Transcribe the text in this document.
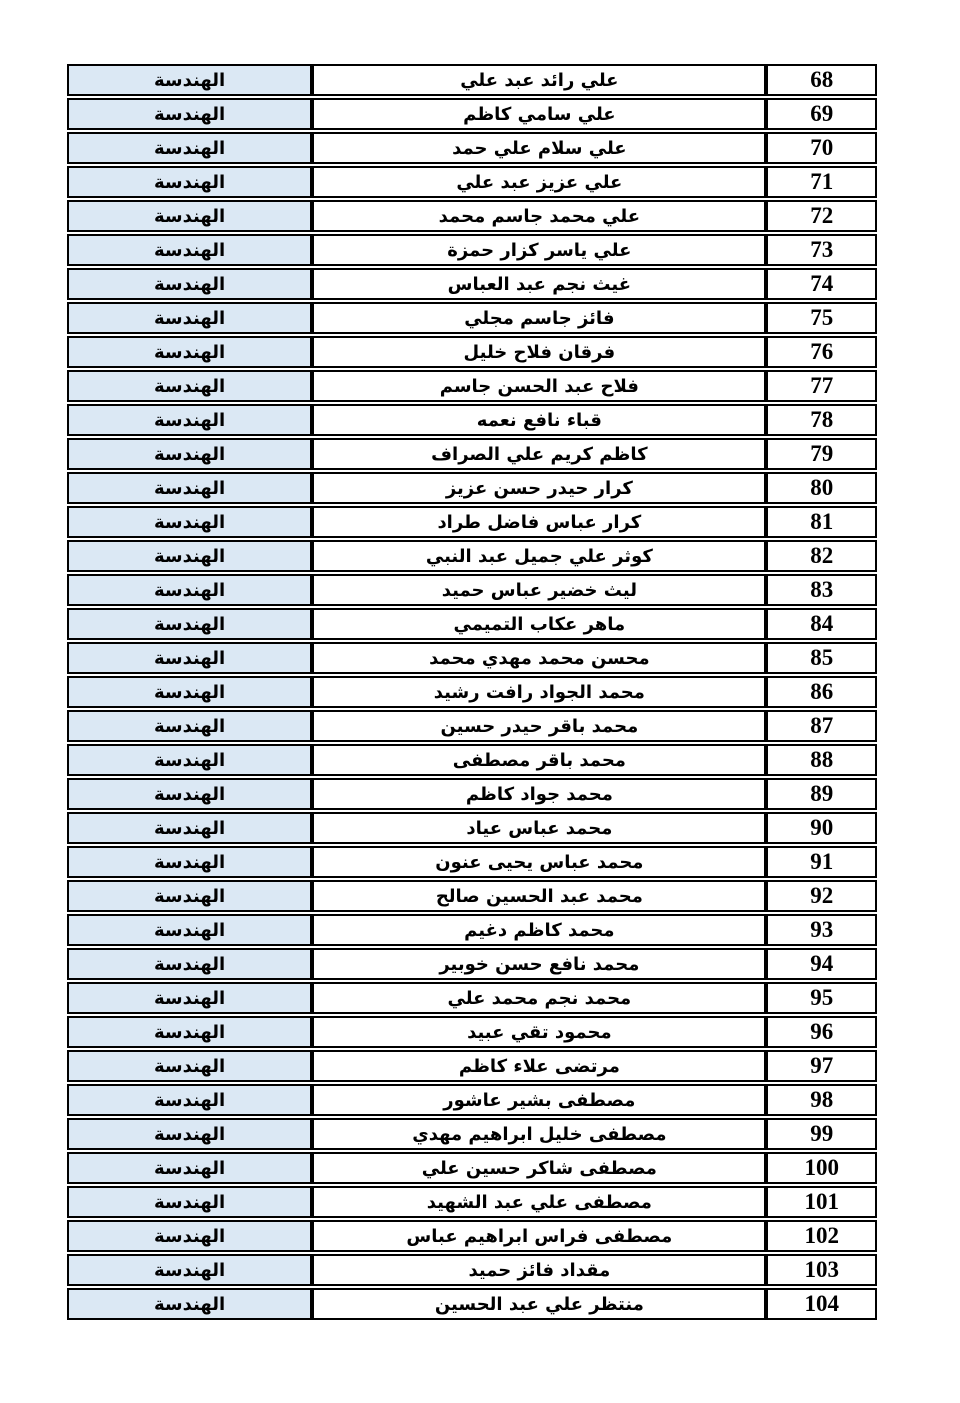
68	علي رائد عبد علي	الهندسة
69	علي سامي كاظم	الهندسة
70	علي سلام علي حمد	الهندسة
71	علي عزيز عبد علي	الهندسة
72	علي محمد جاسم محمد	الهندسة
73	علي ياسر كزار حمزة	الهندسة
74	غيث نجم عبد العباس	الهندسة
75	فائز جاسم مجلي	الهندسة
76	فرقان فلاح خليل	الهندسة
77	فلاح عبد الحسن جاسم	الهندسة
78	قباء نافع نعمه	الهندسة
79	كاظم كريم علي الصراف	الهندسة
80	كرار حيدر حسن عزيز	الهندسة
81	كرار عباس فاضل طراد	الهندسة
82	كوثر علي جميل عبد النبي	الهندسة
83	ليث خضير عباس حميد	الهندسة
84	ماهر عكاب التميمي	الهندسة
85	محسن محمد مهدي محمد	الهندسة
86	محمد الجواد رافت رشيد	الهندسة
87	محمد باقر حيدر حسين	الهندسة
88	محمد باقر مصطفى	الهندسة
89	محمد جواد كاظم	الهندسة
90	محمد عباس عياد	الهندسة
91	محمد عباس يحيى عنون	الهندسة
92	محمد عبد الحسين صالح	الهندسة
93	محمد كاظم دغيم	الهندسة
94	محمد نافع حسن خوبير	الهندسة
95	محمد نجم محمد علي	الهندسة
96	محمود تقي عبيد	الهندسة
97	مرتضى علاء كاظم	الهندسة
98	مصطفى بشير عاشور	الهندسة
99	مصطفى خليل ابراهيم مهدي	الهندسة
100	مصطفى شاكر حسين علي	الهندسة
101	مصطفى علي عبد الشهيد	الهندسة
102	مصطفى فراس ابراهيم عباس	الهندسة
103	مقداد فائز حميد	الهندسة
104	منتظر علي عبد الحسين	الهندسة
